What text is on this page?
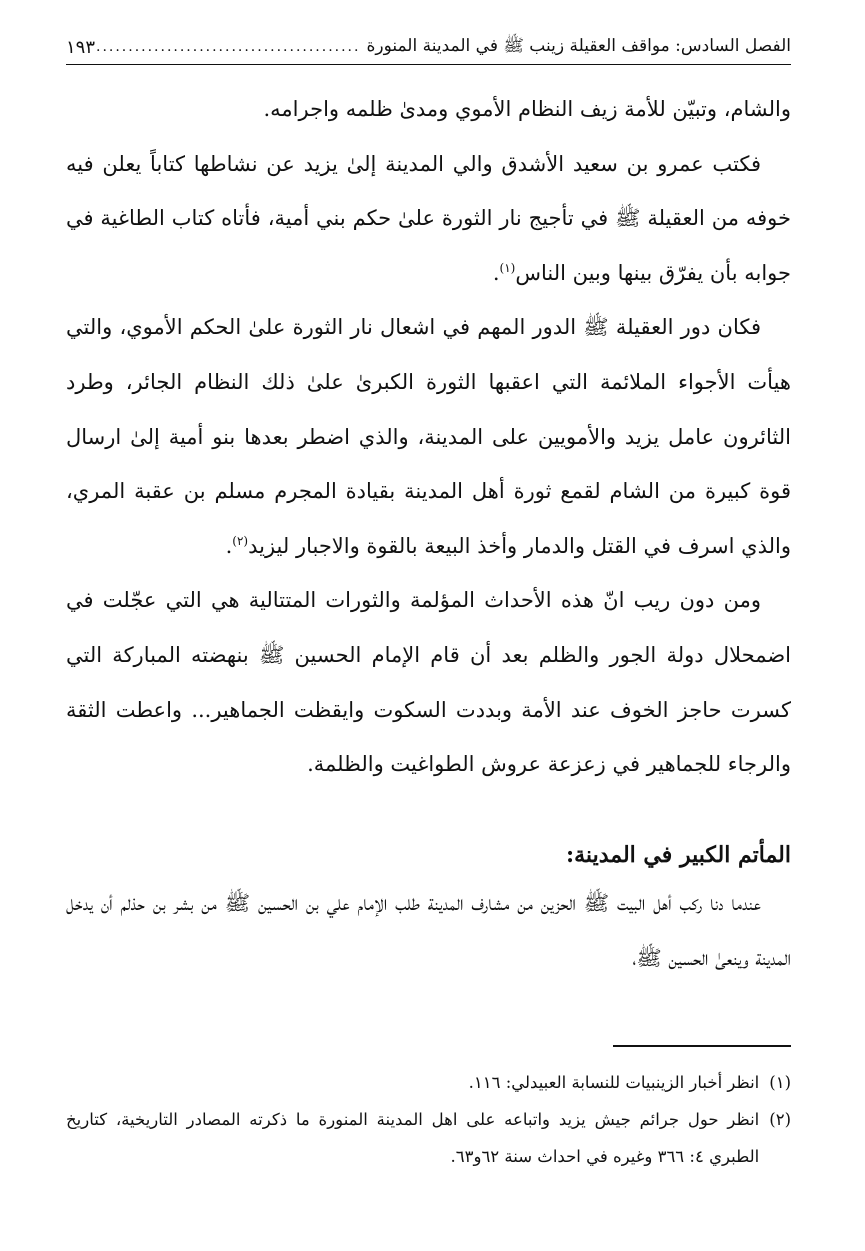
الفصل السادس: مواقف العقيلة زينب ﷺ في المدينة المنورة
.....
١٩٣

والشام، وتبيّن للأمة زيف النظام الأموي ومدىٰ ظلمه واجرامه.

فكتب عمرو بن سعيد الأشدق والي المدينة إلىٰ يزيد عن نشاطها كتاباً يعلن فيه خوفه من العقيلة ﷺ في تأجيج نار الثورة علىٰ حكم بني أمية، فأتاه كتاب الطاغية في جوابه بأن يفرّق بينها وبين الناس$^{(١)}$.

فكان دور العقيلة ﷺ الدور المهم في اشعال نار الثورة علىٰ الحكم الأموي، والتي هيأت الأجواء الملائمة التي اعقبها الثورة الكبرىٰ علىٰ ذلك النظام الجائر، وطرد الثائرون عامل يزيد والأمويين على المدينة، والذي اضطر بعدها بنو أمية إلىٰ ارسال قوة كبيرة من الشام لقمع ثورة أهل المدينة بقيادة المجرم مسلم بن عقبة المري، والذي اسرف في القتل والدمار وأخذ البيعة بالقوة والاجبار ليزيد$^{(٢)}$.

ومن دون ريب انّ هذه الأحداث المؤلمة والثورات المتتالية هي التي عجّلت في اضمحلال دولة الجور والظلم بعد أن قام الإمام الحسين ﷺ بنهضته المباركة التي كسرت حاجز الخوف عند الأمة وبددت السكوت وايقظت الجماهير... واعطت الثقة والرجاء للجماهير في زعزعة عروش الطواغيت والظلمة.

المأتم الكبير في المدينة:

عندما دنا ركب أهل البيت ﷺ الحزين من مشارف المدينة طلب الإمام علي بن الحسين ﷺ من بشر بن حذلم أن يدخل المدينة وينعىٰ الحسين ﷺ،

(١)
انظر أخبار الزينبيات للنسابة العبيدلي: ١١٦.
(٢)
انظر حول جرائم جيش يزيد واتباعه على اهل المدينة المنورة ما ذكرته المصادر التاريخية، كتاريخ الطبري ٤: ٣٦٦ وغيره في احداث سنة ٦٢و٦٣.
